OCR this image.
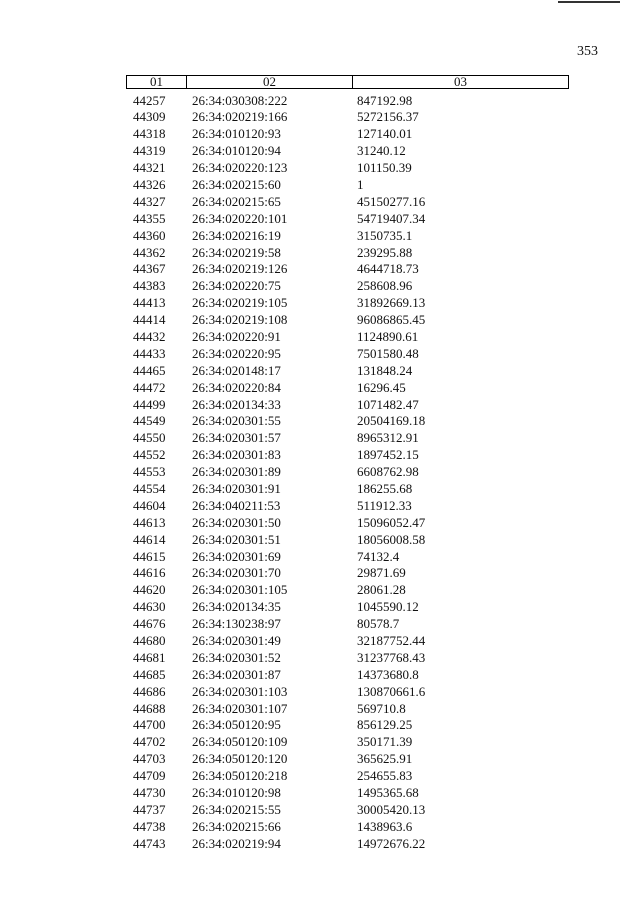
353
01	02	03
44257 26:34:030308:222	847192.98
44309 26:34:020219:166	5272156.37
44318 26:34:010120:93	127140.01
44319 26:34:010120:94	31240.12
44321 26:34:020220:123	101150.39
44326 26:34:020215:60	1
44327 26:34:020215:65	45150277.16
44355 26:34:020220:101	54719407.34
44360 26:34:020216:19	3150735.1
44362 26:34:020219:58	239295.88
44367 26:34:020219:126	4644718.73
44383 26:34:020220:75	258608.96
44413 26:34:020219:105	31892669.13
44414 26:34:020219:108	96086865.45
44432 26:34:020220:91	1124890.61
44433 26:34:020220:95	7501580.48
44465 26:34:020148:17	131848.24
44472 26:34:020220:84	16296.45
44499 26:34:020134:33	1071482.47
44549 26:34:020301:55	20504169.18
44550 26:34:020301:57	8965312.91
44552 26:34:020301:83	1897452.15
44553 26:34:020301:89	6608762.98
44554 26:34:020301:91	186255.68
44604 26:34:040211:53	511912.33
44613 26:34:020301:50	15096052.47
44614 26:34:020301:51	18056008.58
44615 26:34:020301:69	74132.4
44616 26:34:020301:70	29871.69
44620 26:34:020301:105	28061.28
44630 26:34:020134:35	1045590.12
44676 26:34:130238:97	80578.7
44680 26:34:020301:49	32187752.44
44681 26:34:020301:52	31237768.43
44685 26:34:020301:87	14373680.8
44686 26:34:020301:103	130870661.6
44688 26:34:020301:107	569710.8
44700 26:34:050120:95	856129.25
44702 26:34:050120:109	350171.39
44703 26:34:050120:120	365625.91
44709 26:34:050120:218	254655.83
44730 26:34:010120:98	1495365.68
44737 26:34:020215:55	30005420.13
44738 26:34:020215:66	1438963.6
44743 26:34:020219:94	14972676.22
